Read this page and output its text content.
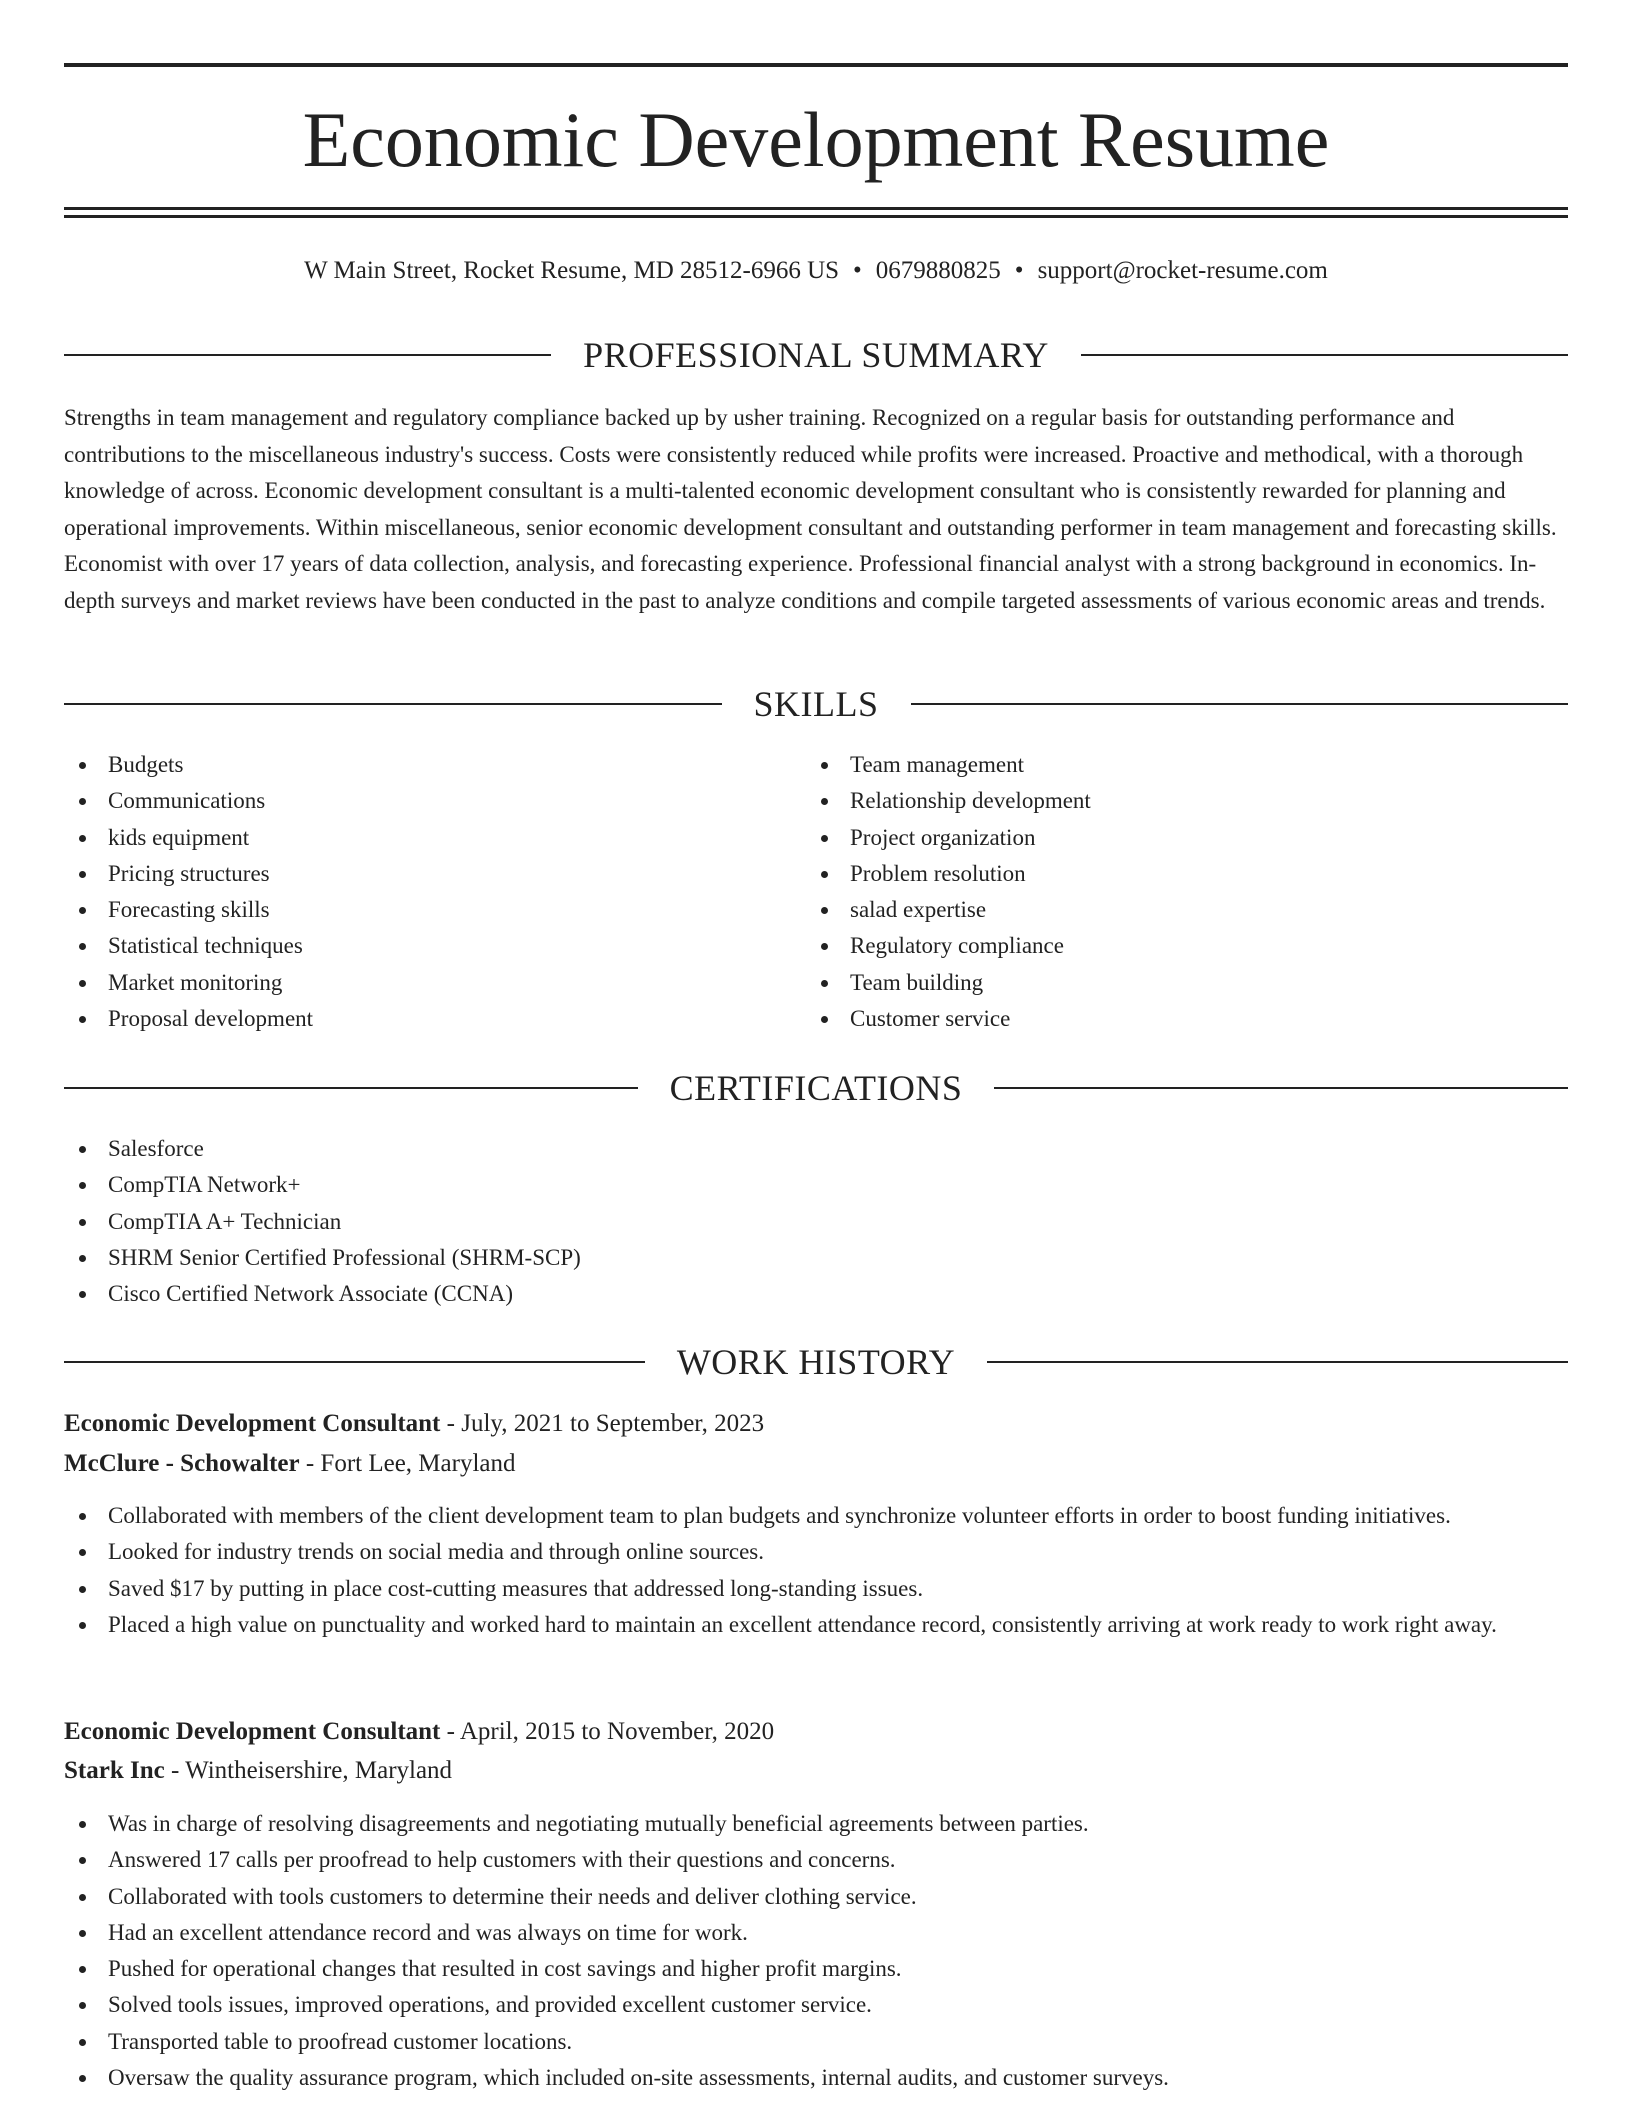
Economic Development Resume
W Main Street, Rocket Resume, MD 28512-6966 US • 0679880825 • support@rocket-resume.com
PROFESSIONAL SUMMARY

Strengths in team management and regulatory compliance backed up by usher training. Recognized on a regular basis for outstanding performance and contributions to the miscellaneous industry's success. Costs were consistently reduced while profits were increased. Proactive and methodical, with a thorough knowledge of across. Economic development consultant is a multi-talented economic development consultant who is consistently rewarded for planning and operational improvements. Within miscellaneous, senior economic development consultant and outstanding performer in team management and forecasting skills. Economist with over 17 years of data collection, analysis, and forecasting experience. Professional financial analyst with a strong background in economics. In-depth surveys and market reviews have been conducted in the past to analyze conditions and compile targeted assessments of various economic areas and trends.

SKILLS
Budgets
Communications
kids equipment
Pricing structures
Forecasting skills
Statistical techniques
Market monitoring
Proposal development
Team management
Relationship development
Project organization
Problem resolution
salad expertise
Regulatory compliance
Team building
Customer service
CERTIFICATIONS
Salesforce
CompTIA Network+
CompTIA A+ Technician
SHRM Senior Certified Professional (SHRM-SCP)
Cisco Certified Network Associate (CCNA)
WORK HISTORY
Economic Development Consultant - July, 2021 to September, 2023
McClure - Schowalter - Fort Lee, Maryland
Collaborated with members of the client development team to plan budgets and synchronize volunteer efforts in order to boost funding initiatives.
Looked for industry trends on social media and through online sources.
Saved $17 by putting in place cost-cutting measures that addressed long-standing issues.
Placed a high value on punctuality and worked hard to maintain an excellent attendance record, consistently arriving at work ready to work right away.
Economic Development Consultant - April, 2015 to November, 2020
Stark Inc - Wintheisershire, Maryland
Was in charge of resolving disagreements and negotiating mutually beneficial agreements between parties.
Answered 17 calls per proofread to help customers with their questions and concerns.
Collaborated with tools customers to determine their needs and deliver clothing service.
Had an excellent attendance record and was always on time for work.
Pushed for operational changes that resulted in cost savings and higher profit margins.
Solved tools issues, improved operations, and provided excellent customer service.
Transported table to proofread customer locations.
Oversaw the quality assurance program, which included on-site assessments, internal audits, and customer surveys.
